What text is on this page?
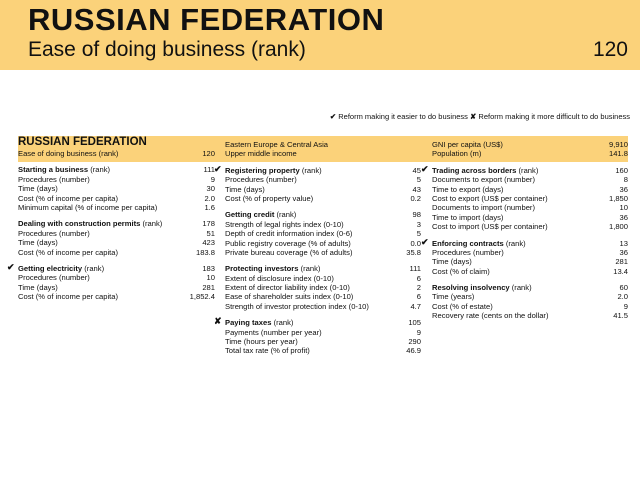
RUSSIAN FEDERATION
Ease of doing business (rank)	120
✔ Reform making it easier to do business ✘ Reform making it more difficult to do business
RUSSIAN FEDERATION
Ease of doing business (rank)	120
Starting a business (rank)	111
Procedures (number)	9
Time (days)	30
Cost (% of income per capita)	2.0
Minimum capital (% of income per capita)	1.6
Dealing with construction permits (rank)	178
Procedures (number)	51
Time (days)	423
Cost (% of income per capita)	183.8
✔ Getting electricity (rank)	183
Procedures (number)	10
Time (days)	281
Cost (% of income per capita)	1,852.4
Eastern Europe & Central Asia
Upper middle income
✔ Registering property (rank)	45
Procedures (number)	5
Time (days)	43
Cost (% of property value)	0.2
Getting credit (rank)	98
Strength of legal rights index (0-10)	3
Depth of credit information index (0-6)	5
Public registry coverage (% of adults)	0.0
Private bureau coverage (% of adults)	35.8
Protecting investors (rank)	111
Extent of disclosure index (0-10)	6
Extent of director liability index (0-10)	2
Ease of shareholder suits index (0-10)	6
Strength of investor protection index (0-10)	4.7
✘ Paying taxes (rank)	105
Payments (number per year)	9
Time (hours per year)	290
Total tax rate (% of profit)	46.9
GNI per capita (US$)	9,910
Population (m)	141.8
✔ Trading across borders (rank)	160
Documents to export (number)	8
Time to export (days)	36
Cost to export (US$ per container)	1,850
Documents to import (number)	10
Time to import (days)	36
Cost to import (US$ per container)	1,800
✔ Enforcing contracts (rank)	13
Procedures (number)	36
Time (days)	281
Cost (% of claim)	13.4
Resolving insolvency (rank)	60
Time (years)	2.0
Cost (% of estate)	9
Recovery rate (cents on the dollar)	41.5
